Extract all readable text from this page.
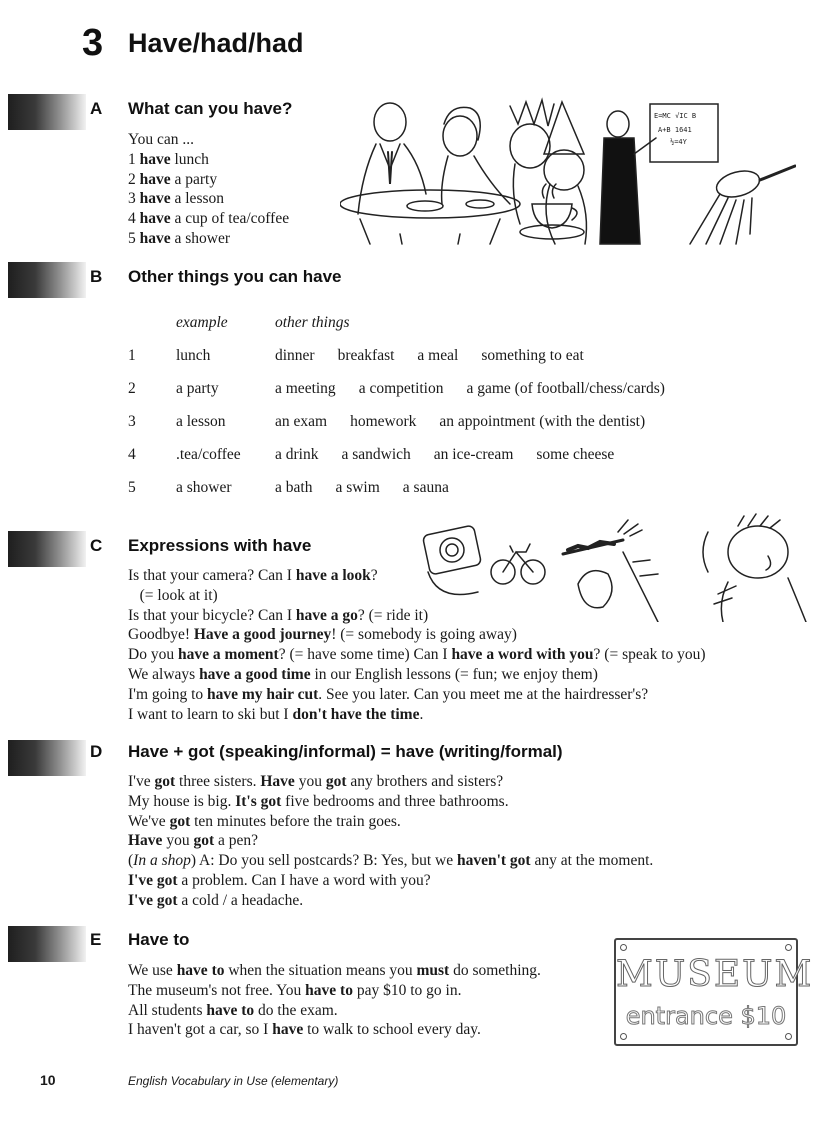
3 Have/had/had
A What can you have?
You can ...
1 have lunch
2 have a party
3 have a lesson
4 have a cup of tea/coffee
5 have a shower
E=MC √IC B
A+B 1641
½=4Y
B Other things you can have
	example	other things
1	lunch	dinner breakfast a meal something to eat
2	a party	a meeting a competition a game (of football/chess/cards)
3	a lesson	an exam homework an appointment (with the dentist)
4	.tea/coffee	a drink a sandwich an ice-cream some cheese
5	a shower	a bath a swim a sauna
C Expressions with have
Is that your camera? Can I have a look?
(= look at it)
Is that your bicycle? Can I have a go? (= ride it)
Goodbye! Have a good journey! (= somebody is going away)
Do you have a moment? (= have some time) Can I have a word with you? (= speak to you)
We always have a good time in our English lessons (= fun; we enjoy them)
I'm going to have my hair cut. See you later. Can you meet me at the hairdresser's?
I want to learn to ski but I don't have the time.
D Have + got (speaking/informal) = have (writing/formal)
I've got three sisters. Have you got any brothers and sisters?
My house is big. It's got five bedrooms and three bathrooms.
We've got ten minutes before the train goes.
Have you got a pen?
(In a shop) A: Do you sell postcards? B: Yes, but we haven't got any at the moment.
I've got a problem. Can I have a word with you?
I've got a cold / a headache.
E Have to
We use have to when the situation means you must do something.
The museum's not free. You have to pay $10 to go in.
All students have to do the exam.
I haven't got a car, so I have to walk to school every day.
MUSEUM
entrance $10
10	English Vocabulary in Use (elementary)
